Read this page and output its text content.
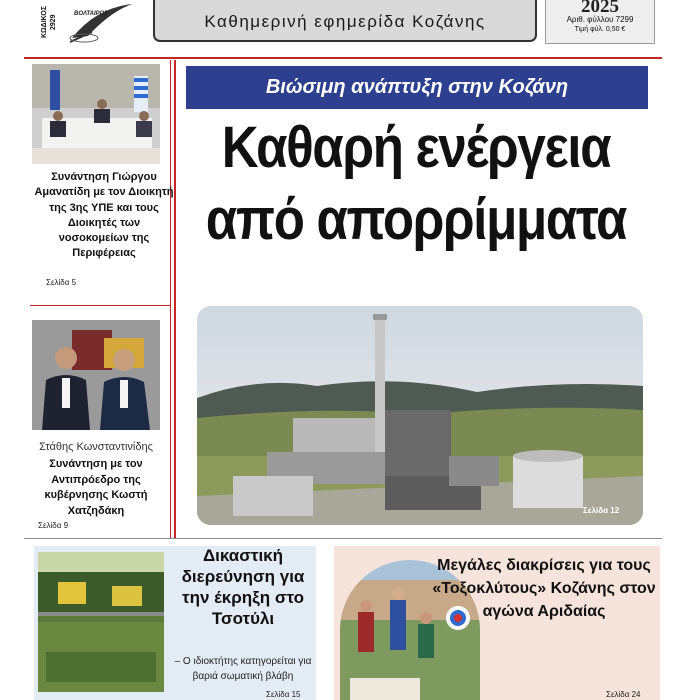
ΚΩΔΙΚΟΣ 2929
ΒΟΛΤΑΙΡΟΣ	Καθημερινή εφημερίδα Κοζάνης
2025
Αριθ. φύλλου 7299
Τιμή φύλ. 0,50 €
Συνάντηση Γιώργου Αμανατίδη με τον Διοικητή της 3ης ΥΠΕ και τους Διοικητές των νοσοκομείων της Περιφέρειας
Σελίδα 5
Στάθης Κωνσταντινίδης
Συνάντηση με τον Αντιπρόεδρο της κυβέρνησης Κωστή Χατζηδάκη
Σελίδα 9
Βιώσιμη ανάπτυξη στην Κοζάνη
Καθαρή ενέργεια από απορρίμματα
Σελίδα 12
Δικαστική διερεύνηση για την έκρηξη στο Τσοτύλι
– Ο ιδιοκτήτης κατηγορείται για βαριά σωματική βλάβη
Σελίδα 15
Μεγάλες διακρίσεις για τους «Τοξοκλύτους» Κοζάνης στον αγώνα Αριδαίας
Σελίδα 24
